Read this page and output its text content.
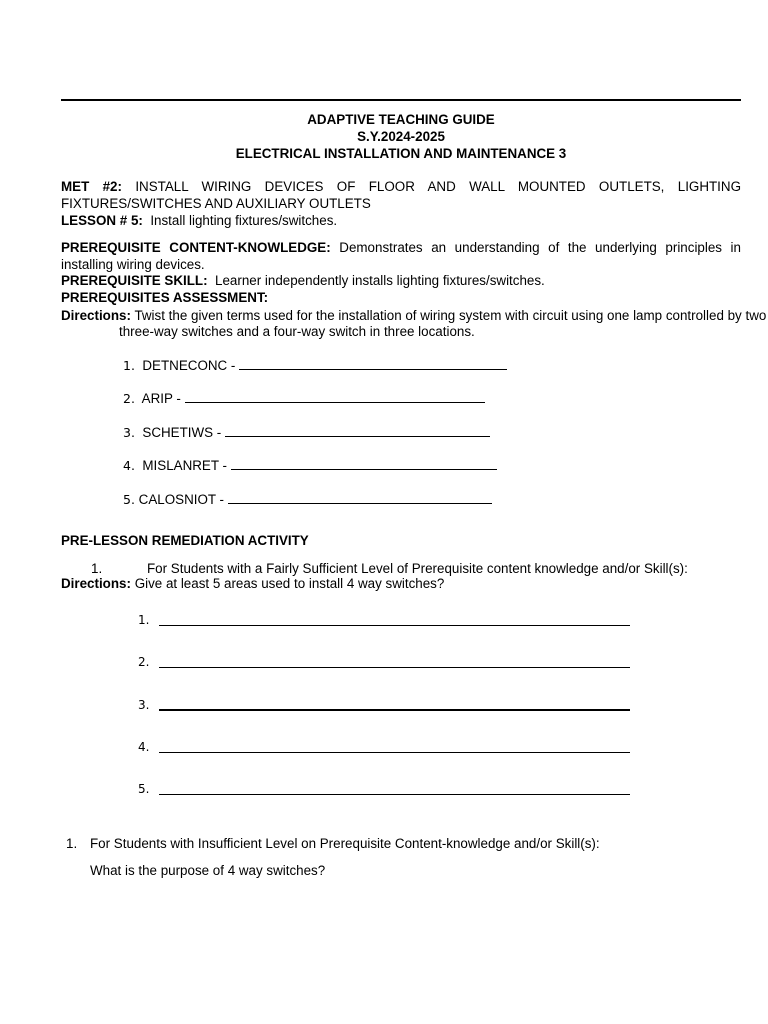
ADAPTIVE TEACHING GUIDE
S.Y.2024-2025
ELECTRICAL INSTALLATION AND MAINTENANCE 3
MET #2: INSTALL WIRING DEVICES OF FLOOR AND WALL MOUNTED OUTLETS, LIGHTING
FIXTURES/SWITCHES AND AUXILIARY OUTLETS
LESSON # 5: Install lighting fixtures/switches.
PREREQUISITE CONTENT-KNOWLEDGE: Demonstrates an understanding of the underlying principles in installing wiring devices.
PREREQUISITE SKILL: Learner independently installs lighting fixtures/switches.
PREREQUISITES ASSESSMENT:
Directions: Twist the given terms used for the installation of wiring system with circuit using one lamp controlled by two
three-way switches and a four-way switch in three locations.
1. DETNECONC -
2. ARIP -
3. SCHETIWS -
4. MISLANRET -
5. CALOSNIOT -
PRE-LESSON REMEDIATION ACTIVITY
1.	For Students with a Fairly Sufficient Level of Prerequisite content knowledge and/or Skill(s):
Directions: Give at least 5 areas used to install 4 way switches?
1.
2.
3.
4.
5.
1. For Students with Insufficient Level on Prerequisite Content-knowledge and/or Skill(s):
What is the purpose of 4 way switches?
